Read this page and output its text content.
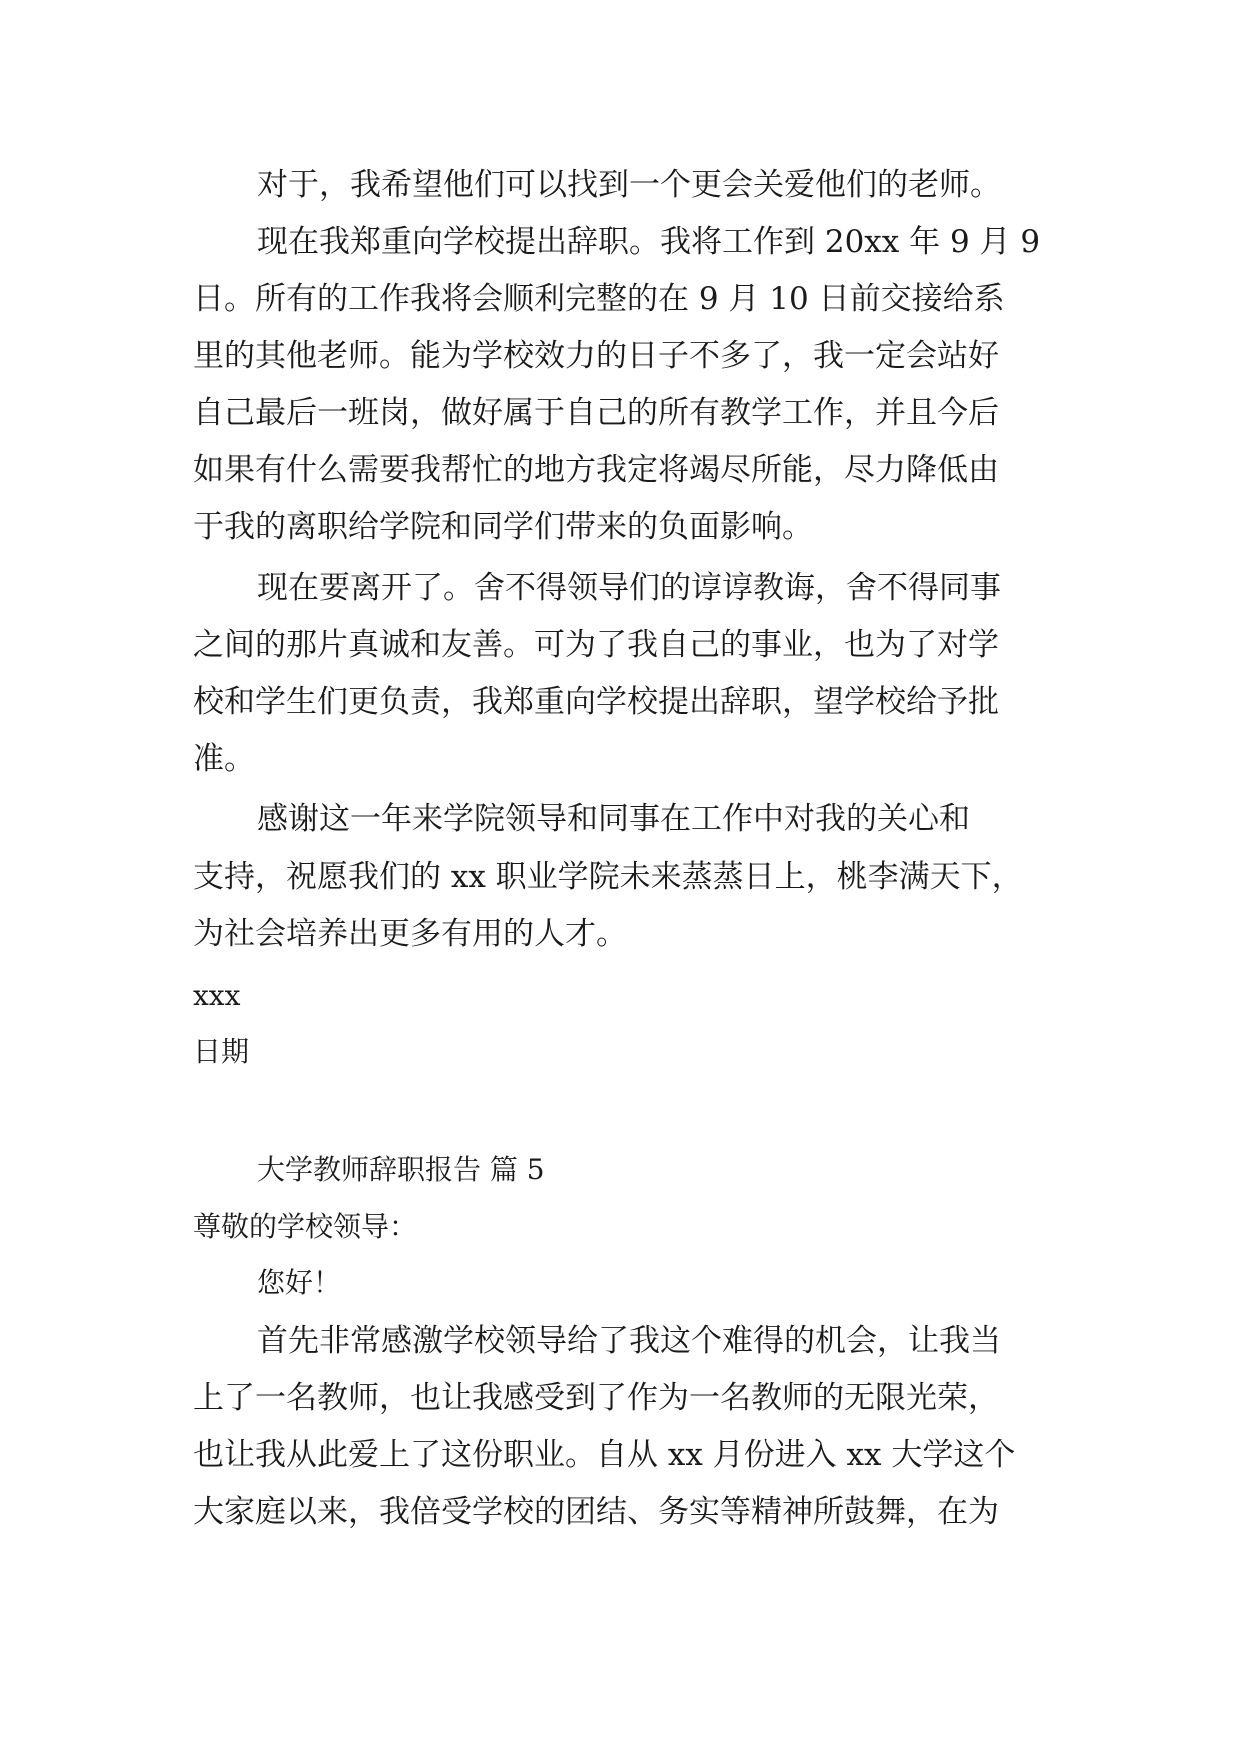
对于，我希望他们可以找到一个更会关爱他们的老师。
现在我郑重向学校提出辞职。我将工作到 20xx 年 9 月 9
日。所有的工作我将会顺利完整的在 9 月 10 日前交接给系
里的其他老师。能为学校效力的日子不多了，我一定会站好
自己最后一班岗，做好属于自己的所有教学工作，并且今后
如果有什么需要我帮忙的地方我定将竭尽所能，尽力降低由
于我的离职给学院和同学们带来的负面影响。
现在要离开了。舍不得领导们的谆谆教诲，舍不得同事
之间的那片真诚和友善。可为了我自己的事业，也为了对学
校和学生们更负责，我郑重向学校提出辞职，望学校给予批
准。
感谢这一年来学院领导和同事在工作中对我的关心和
支持，祝愿我们的 xx 职业学院未来蒸蒸日上，桃李满天下，
为社会培养出更多有用的人才。
xxx
日期
大学教师辞职报告 篇 5
尊敬的学校领导：
您好！
首先非常感激学校领导给了我这个难得的机会，让我当
上了一名教师，也让我感受到了作为一名教师的无限光荣，
也让我从此爱上了这份职业。自从 xx 月份进入 xx 大学这个
大家庭以来，我倍受学校的团结、务实等精神所鼓舞，在为
